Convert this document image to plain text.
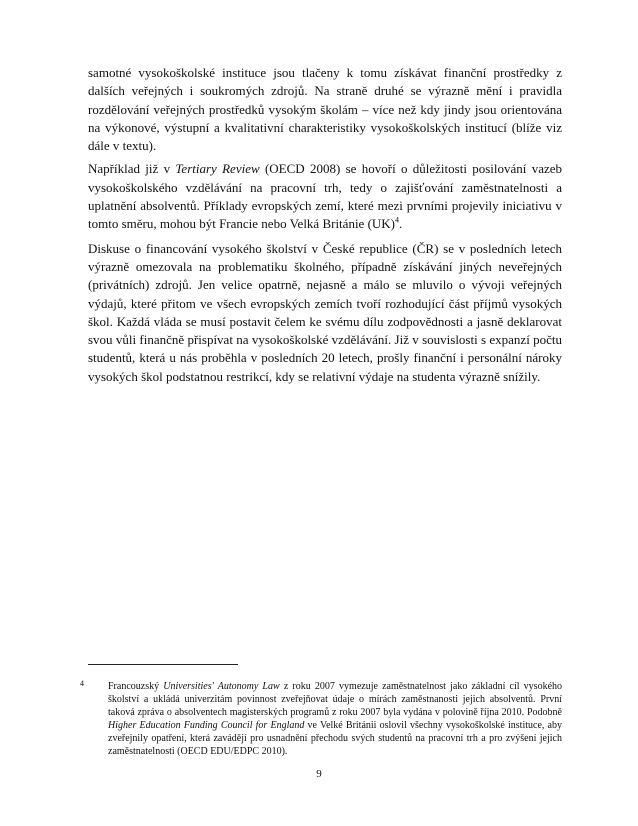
samotné vysokoškolské instituce jsou tlačeny k tomu získávat finanční prostředky z dalších veřejných i soukromých zdrojů. Na straně druhé se výrazně mění i pravidla rozdělování veřejných prostředků vysokým školám – více než kdy jindy jsou orientována na výkonové, výstupní a kvalitativní charakteristiky vysokoškolských institucí (blíže viz dále v textu).

Například již v Tertiary Review (OECD 2008) se hovoří o důležitosti posilování vazeb vysokoškolského vzdělávání na pracovní trh, tedy o zajišťování zaměstnatelnosti a uplatnění absolventů. Příklady evropských zemí, které mezi prvními projevily iniciativu v tomto směru, mohou být Francie nebo Velká Británie (UK)$^4$.

Diskuse o financování vysokého školství v České republice (ČR) se v posledních letech výrazně omezovala na problematiku školného, případně získávání jiných neveřejných (privátních) zdrojů. Jen velice opatrně, nejasně a málo se mluvilo o vývoji veřejných výdajů, které přitom ve všech evropských zemích tvoří rozhodující část příjmů vysokých škol. Každá vláda se musí postavit čelem ke svému dílu zodpovědnosti a jasně deklarovat svou vůli finančně přispívat na vysokoškolské vzdělávání. Již v souvislosti s expanzí počtu studentů, která u nás proběhla v posledních 20 letech, prošly finanční i personální nároky vysokých škol podstatnou restrikcí, kdy se relativní výdaje na studenta výrazně snížily.

4 Francouzský Universities' Autonomy Law z roku 2007 vymezuje zaměstnatelnost jako základní cíl vysokého školství a ukládá univerzitám povinnost zveřejňovat údaje o mírách zaměstnanosti jejich absolventů. První taková zpráva o absolventech magisterských programů z roku 2007 byla vydána v polovině října 2010. Podobně Higher Education Funding Council for England ve Velké Británii oslovil všechny vysokoškolské instituce, aby zveřejnily opatření, která zavádějí pro usnadnění přechodu svých studentů na pracovní trh a pro zvýšení jejich zaměstnatelnosti (OECD EDU/EDPC 2010).
9
